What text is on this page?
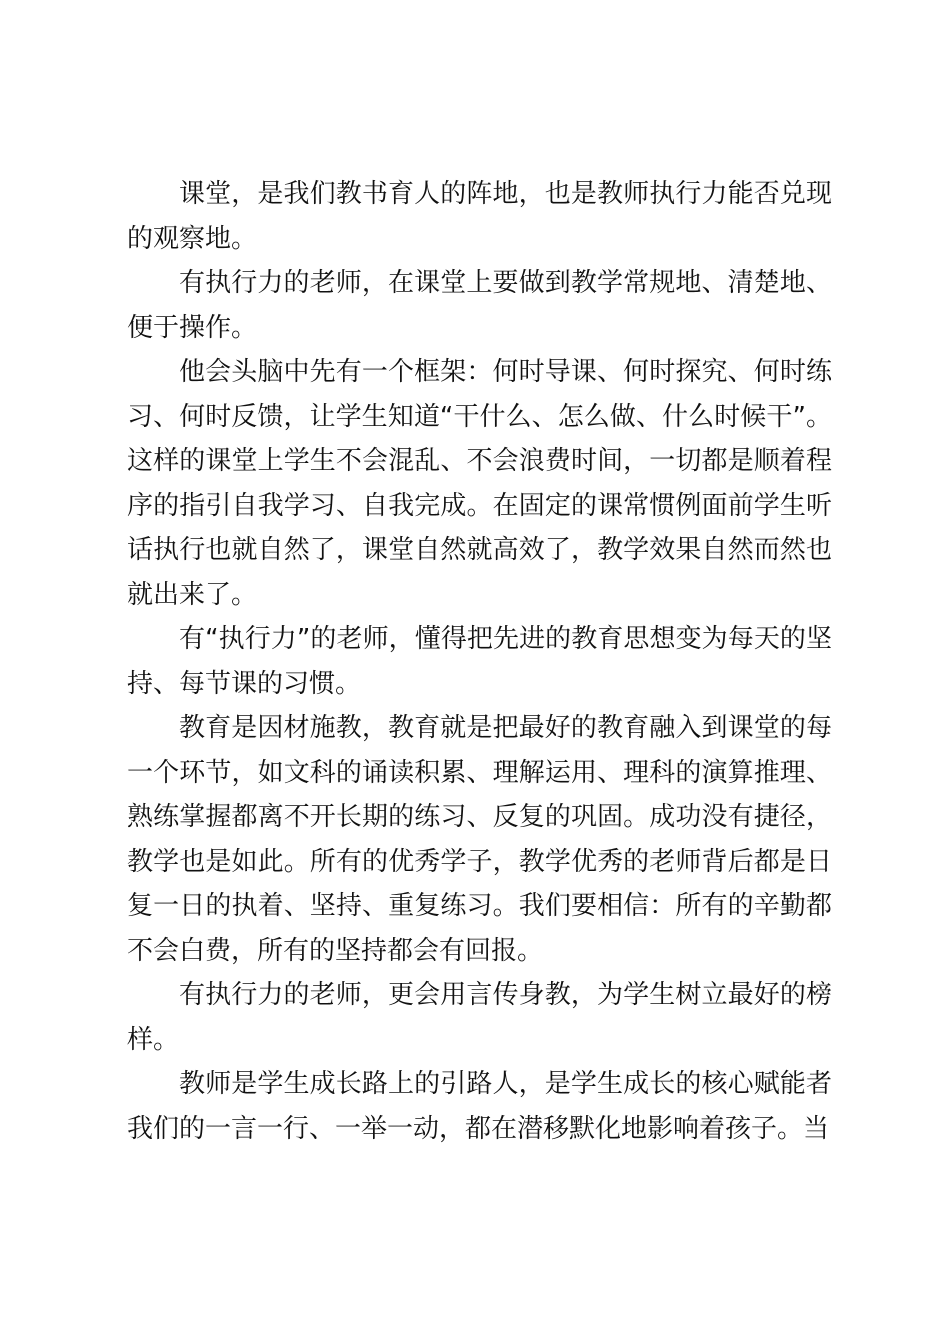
课堂，是我们教书育人的阵地，也是教师执行力能否兑现的观察地。

有执行力的老师，在课堂上要做到教学常规地、清楚地、便于操作。

他会头脑中先有一个框架：何时导课、何时探究、何时练习、何时反馈，让学生知道“干什么、怎么做、什么时候干”。这样的课堂上学生不会混乱、不会浪费时间，一切都是顺着程序的指引自我学习、自我完成。在固定的课常惯例面前学生听话执行也就自然了，课堂自然就高效了，教学效果自然而然也就出来了。

有“执行力”的老师，懂得把先进的教育思想变为每天的坚持、每节课的习惯。

教育是因材施教，教育就是把最好的教育融入到课堂的每一个环节，如文科的诵读积累、理解运用、理科的演算推理、熟练掌握都离不开长期的练习、反复的巩固。成功没有捷径，教学也是如此。所有的优秀学子，教学优秀的老师背后都是日复一日的执着、坚持、重复练习。我们要相信：所有的辛勤都不会白费，所有的坚持都会有回报。

有执行力的老师，更会用言传身教，为学生树立最好的榜样。

教师是学生成长路上的引路人，是学生成长的核心赋能者我们的一言一行、一举一动，都在潜移默化地影响着孩子。当
